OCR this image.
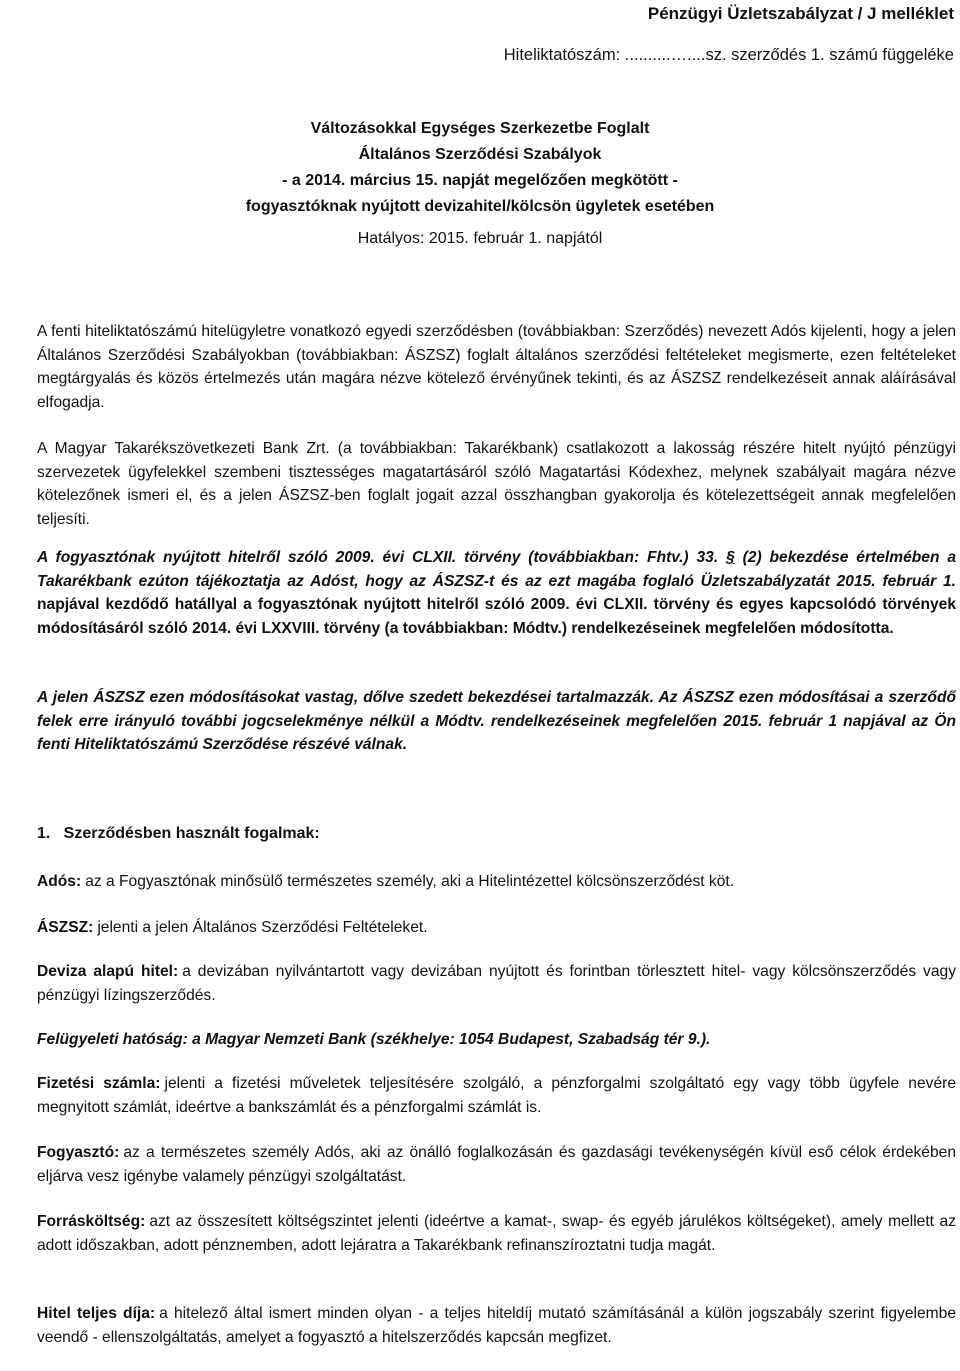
Pénzügyi Üzletszabályzat / J melléklet
Hiteliktatószám: ..........…....sz. szerződés 1. számú függeléke
Változásokkal Egységes Szerkezetbe Foglalt
Általános Szerződési Szabályok
- a 2014. március 15. napját megelőzően megkötött -
fogyasztóknak nyújtott devizahitel/kölcsön ügyletek esetében
Hatályos: 2015. február 1. napjától

A fenti hiteliktatószámú hitelügyletre vonatkozó egyedi szerződésben (továbbiakban: Szerződés) nevezett Adós kijelenti, hogy a jelen Általános Szerződési Szabályokban (továbbiakban: ÁSZSZ) foglalt általános szerződési feltételeket megismerte, ezen feltételeket megtárgyalás és közös értelmezés után magára nézve kötelező érvényűnek tekinti, és az ÁSZSZ rendelkezéseit annak aláírásával elfogadja.

A Magyar Takarékszövetkezeti Bank Zrt. (a továbbiakban: Takarékbank) csatlakozott a lakosság részére hitelt nyújtó pénzügyi szervezetek ügyfelekkel szembeni tisztességes magatartásáról szóló Magatartási Kódexhez, melynek szabályait magára nézve kötelezőnek ismeri el, és a jelen ÁSZSZ-ben foglalt jogait azzal összhangban gyakorolja és kötelezettségeit annak megfelelően teljesíti.

A fogyasztónak nyújtott hitelről szóló 2009. évi CLXII. törvény (továbbiakban: Fhtv.) 33. § (2) bekezdése értelmében a Takarékbank ezúton tájékoztatja az Adóst, hogy az ÁSZSZ-t és az ezt magába foglaló Üzletszabályzatát 2015. február 1. napjával kezdődő hatállyal a fogyasztónak nyújtott hitelről szóló 2009. évi CLXII. törvény és egyes kapcsolódó törvények módosításáról szóló 2014. évi LXXVIII. törvény (a továbbiakban: Módtv.) rendelkezéseinek megfelelően módosította.

A jelen ÁSZSZ ezen módosításokat vastag, dőlve szedett bekezdései tartalmazzák. Az ÁSZSZ ezen módosításai a szerződő felek erre irányuló további jogcselekménye nélkül a Módtv. rendelkezéseinek megfelelően 2015. február 1 napjával az Ön fenti Hiteliktatószámú Szerződése részévé válnak.

1.   Szerződésben használt fogalmak:

Adós: az a Fogyasztónak minősülő természetes személy, aki a Hitelintézettel kölcsönszerződést köt.

ÁSZSZ: jelenti a jelen Általános Szerződési Feltételeket.

Deviza alapú hitel: a devizában nyilvántartott vagy devizában nyújtott és forintban törlesztett hitel- vagy kölcsönszerződés vagy pénzügyi lízingszerződés.

Felügyeleti hatóság: a Magyar Nemzeti Bank (székhelye: 1054 Budapest, Szabadság tér 9.).

Fizetési számla: jelenti a fizetési műveletek teljesítésére szolgáló, a pénzforgalmi szolgáltató egy vagy több ügyfele nevére megnyitott számlát, ideértve a bankszámlát és a pénzforgalmi számlát is.

Fogyasztó: az a természetes személy Adós, aki az önálló foglalkozásán és gazdasági tevékenységén kívül eső célok érdekében eljárva vesz igénybe valamely pénzügyi szolgáltatást.

Forrásköltség: azt az összesített költségszintet jelenti (ideértve a kamat-, swap- és egyéb járulékos költségeket), amely mellett az adott időszakban, adott pénznemben, adott lejáratra a Takarékbank refinanszíroztatni tudja magát.

Hitel teljes díja: a hitelező által ismert minden olyan - a teljes hiteldíj mutató számításánál a külön jogszabály szerint figyelembe veendő - ellenszolgáltatás, amelyet a fogyasztó a hitelszerződés kapcsán megfizet.
